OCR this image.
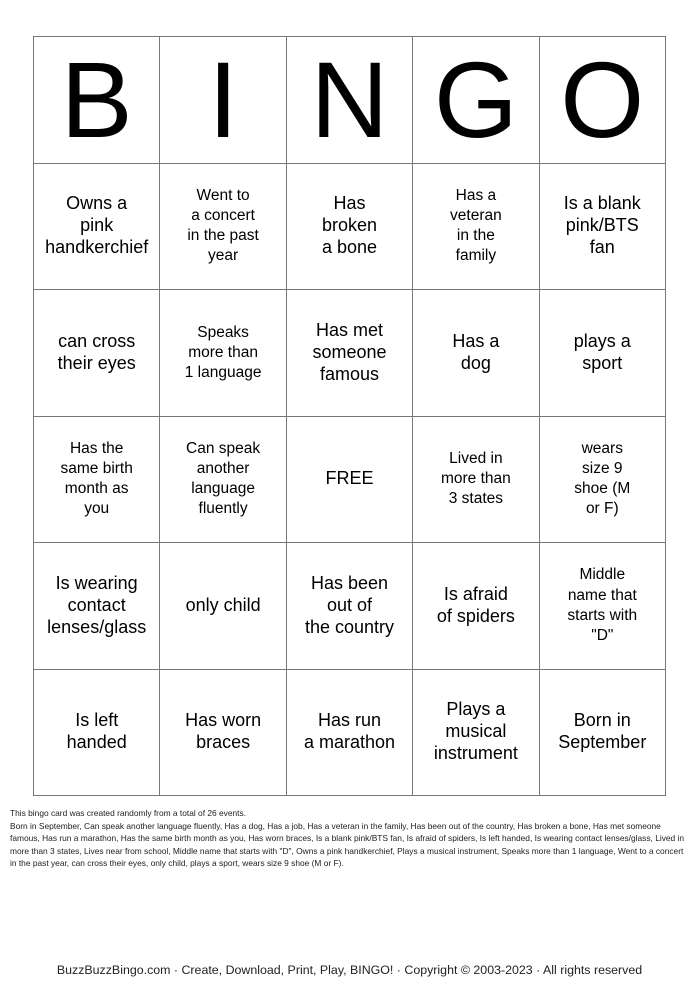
B I N G O
Owns a
pink
handkerchief
Went to
a concert
in the past
year
Has
broken
a bone
Has a
veteran
in the
family
Is a blank
pink/BTS
fan
can cross
their eyes
Speaks
more than
1 language
Has met
someone
famous
Has a
dog
plays a
sport
Has the
same birth
month as
you
Can speak
another
language
fluently
FREE
Lived in
more than
3 states
wears
size 9
shoe (M
or F)
Is wearing
contact
lenses/glass
only child
Has been
out of
the country
Is afraid
of spiders
Middle
name that
starts with
"D"
Is left
handed
Has worn
braces
Has run
a marathon
Plays a
musical
instrument
Born in
September

This bingo card was created randomly from a total of 26 events.

Born in September, Can speak another language fluently, Has a dog, Has a job, Has a veteran in the family, Has been out of the country, Has broken a bone, Has met someone famous, Has run a marathon, Has the same birth month as you, Has worn braces, Is a blank pink/BTS fan, Is afraid of spiders, Is left handed, Is wearing contact lenses/glass, Lived in more than 3 states, Lives near from school, Middle name that starts with "D", Owns a pink handkerchief, Plays a musical instrument, Speaks more than 1 language, Went to a concert in the past year, can cross their eyes, only child, plays a sport, wears size 9 shoe (M or F).

BuzzBuzzBingo.com · Create, Download, Print, Play, BINGO! · Copyright © 2003-2023 · All rights reserved
